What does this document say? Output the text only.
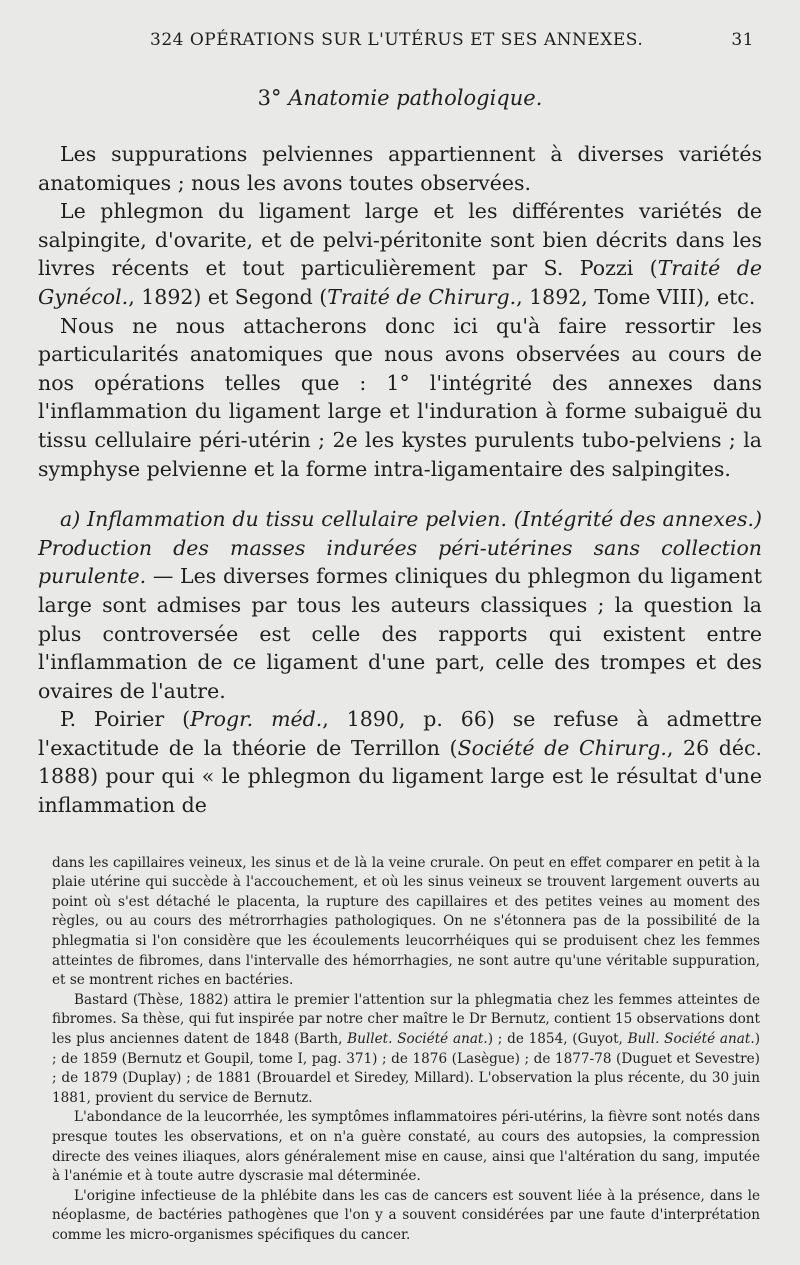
324 OPÉRATIONS SUR L'UTÉRUS ET SES ANNEXES.	31
3° Anatomie pathologique.

Les suppurations pelviennes appartiennent à diverses variétés anatomiques ; nous les avons toutes observées.

Le phlegmon du ligament large et les différentes variétés de salpingite, d'ovarite, et de pelvi-péritonite sont bien décrits dans les livres récents et tout particulièrement par S. Pozzi (Traité de Gynécol., 1892) et Segond (Traité de Chirurg., 1892, Tome VIII), etc.

Nous ne nous attacherons donc ici qu'à faire ressortir les particularités anatomiques que nous avons observées au cours de nos opérations telles que : 1° l'intégrité des annexes dans l'inflammation du ligament large et l'induration à forme subaiguë du tissu cellulaire péri-utérin ; 2e les kystes purulents tubo-pelviens ; la symphyse pelvienne et la forme intra-ligamentaire des salpingites.

a) Inflammation du tissu cellulaire pelvien. (Intégrité des annexes.) Production des masses indurées péri-utérines sans collection purulente. — Les diverses formes cliniques du phlegmon du ligament large sont admises par tous les auteurs classiques ; la question la plus controversée est celle des rapports qui existent entre l'inflammation de ce ligament d'une part, celle des trompes et des ovaires de l'autre.

P. Poirier (Progr. méd., 1890, p. 66) se refuse à admettre l'exactitude de la théorie de Terrillon (Société de Chirurg., 26 déc. 1888) pour qui « le phlegmon du ligament large est le résultat d'une inflammation de

dans les capillaires veineux, les sinus et de là la veine crurale. On peut en effet comparer en petit à la plaie utérine qui succède à l'accouchement, et où les sinus veineux se trouvent largement ouverts au point où s'est détaché le placenta, la rupture des capillaires et des petites veines au moment des règles, ou au cours des métrorrhagies pathologiques. On ne s'étonnera pas de la possibilité de la phlegmatia si l'on considère que les écoulements leucorrhéiques qui se produisent chez les femmes atteintes de fibromes, dans l'intervalle des hémorrhagies, ne sont autre qu'une véritable suppuration, et se montrent riches en bactéries.

Bastard (Thèse, 1882) attira le premier l'attention sur la phlegmatia chez les femmes atteintes de fibromes. Sa thèse, qui fut inspirée par notre cher maître le Dr Bernutz, contient 15 observations dont les plus anciennes datent de 1848 (Barth, Bullet. Société anat.) ; de 1854, (Guyot, Bull. Société anat.) ; de 1859 (Bernutz et Goupil, tome I, pag. 371) ; de 1876 (Lasègue) ; de 1877-78 (Duguet et Sevestre) ; de 1879 (Duplay) ; de 1881 (Brouardel et Siredey, Millard). L'observation la plus récente, du 30 juin 1881, provient du service de Bernutz.

L'abondance de la leucorrhée, les symptômes inflammatoires péri-utérins, la fièvre sont notés dans presque toutes les observations, et on n'a guère constaté, au cours des autopsies, la compression directe des veines iliaques, alors généralement mise en cause, ainsi que l'altération du sang, imputée à l'anémie et à toute autre dyscrasie mal déterminée.

L'origine infectieuse de la phlébite dans les cas de cancers est souvent liée à la présence, dans le néoplasme, de bactéries pathogènes que l'on y a souvent considérées par une faute d'interprétation comme les micro-organismes spécifiques du cancer.
